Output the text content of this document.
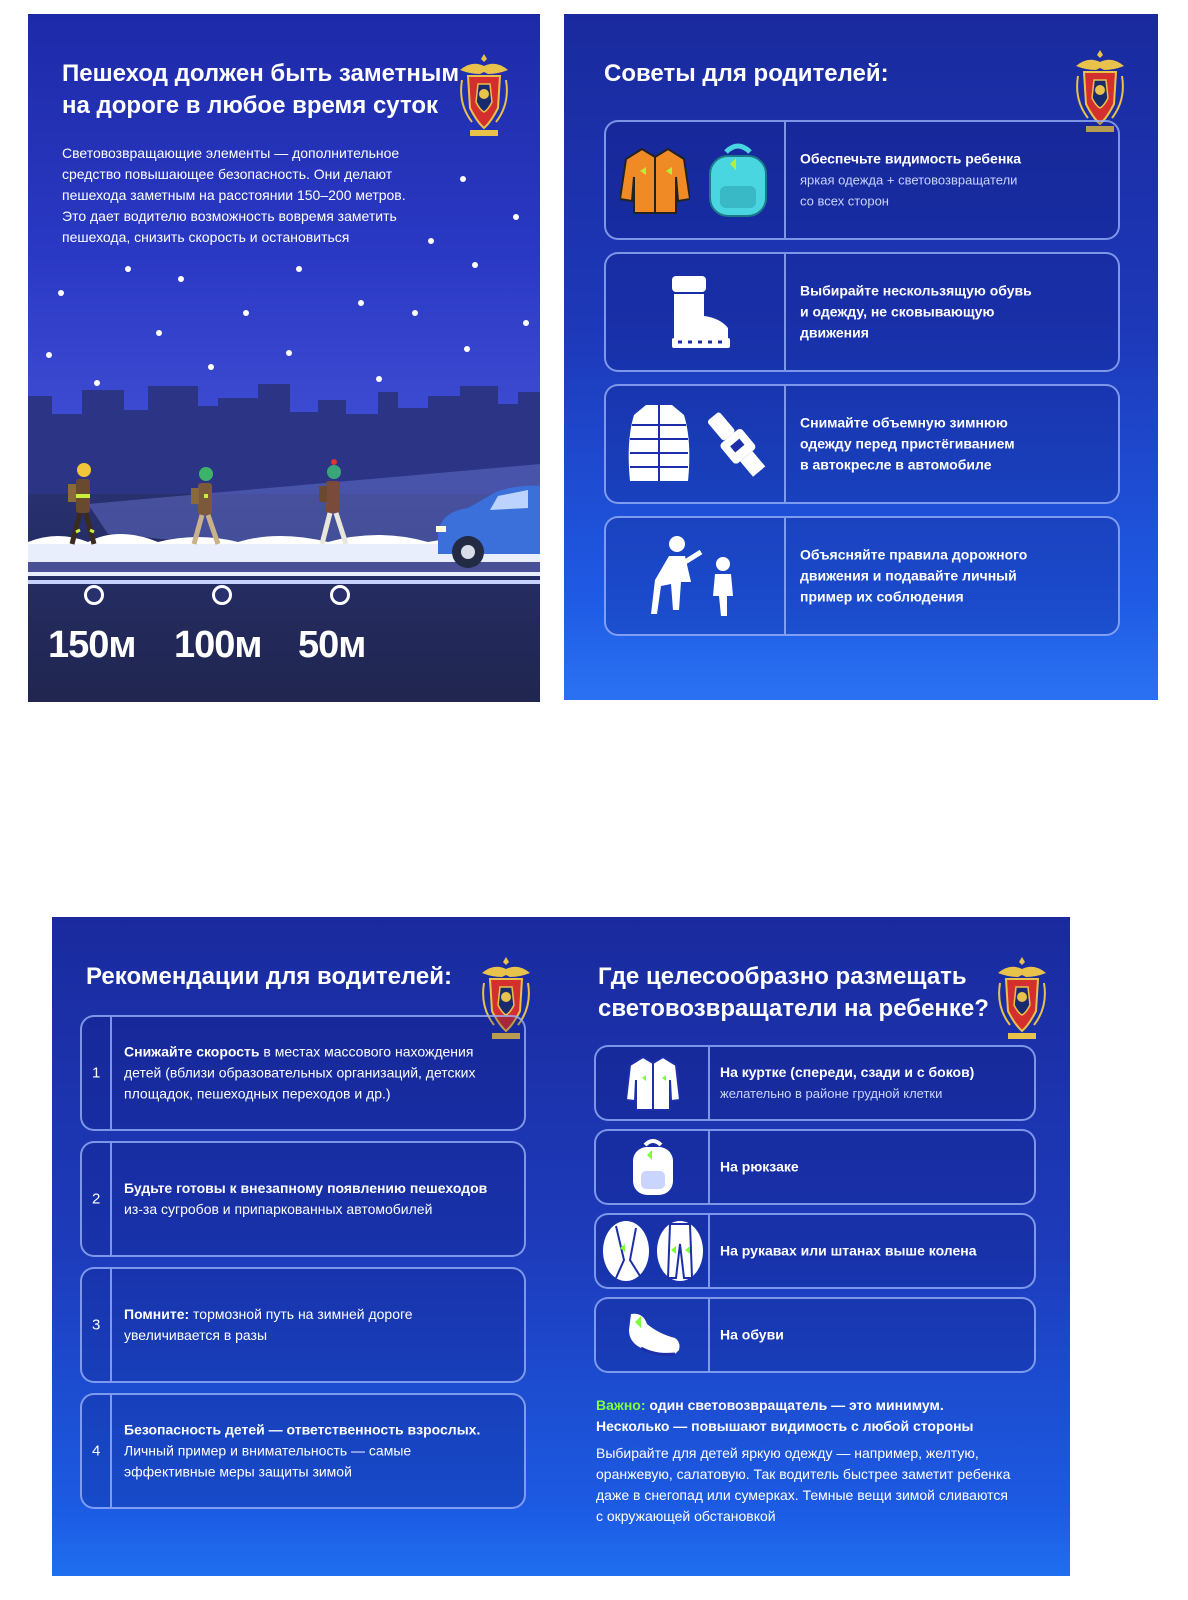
Пешеход должен быть заметным
на дороге в любое время суток
Световозвращающие элементы — дополнительное средство повышающее безопасность. Они делают пешехода заметным на расстоянии 150–200 метров. Это дает водителю возможность вовремя заметить пешехода, снизить скорость и остановиться
150м 100м 50м
Советы для родителей:
Обеспечьте видимость ребенка
яркая одежда + световозвращатели
со всех сторон
Выбирайте нескользящую обувь
и одежду, не сковывающую
движения
Снимайте объемную зимнюю
одежду перед пристёгиванием
в автокресле в автомобиле
Объясняйте правила дорожного
движения и подавайте личный
пример их соблюдения
Рекомендации для водителей:
1
Снижайте скорость в местах массового нахождения
детей (вблизи образовательных организаций, детских
площадок, пешеходных переходов и др.)
2
Будьте готовы к внезапному появлению пешеходов
из-за сугробов и припаркованных автомобилей
3
Помните: тормозной путь на зимней дороге
увеличивается в разы
4
Безопасность детей — ответственность взрослых.
Личный пример и внимательность — самые
эффективные меры защиты зимой
Где целесообразно размещать
световозвращатели на ребенке?
На куртке (спереди, сзади и с боков)
желательно в районе грудной клетки
На рюкзаке
На рукавах или штанах выше колена
На обуви
Важно: один световозвращатель — это минимум.
Несколько — повышают видимость с любой стороны
Выбирайте для детей яркую одежду — например, желтую,
оранжевую, салатовую. Так водитель быстрее заметит ребенка
даже в снегопад или сумерках. Темные вещи зимой сливаются
с окружающей обстановкой
